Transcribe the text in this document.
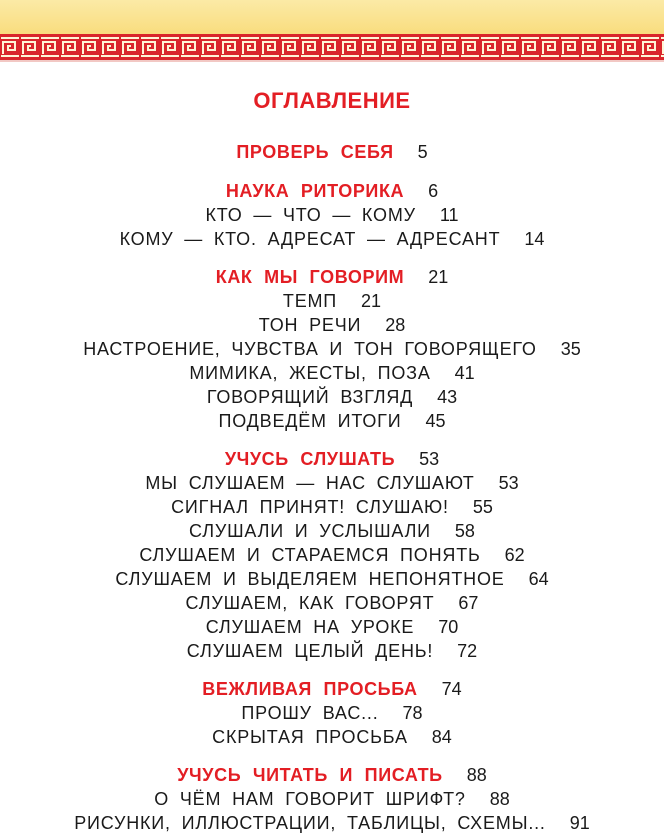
ОГЛАВЛЕНИЕ
ПРОВЕРЬ СЕБЯ 5
НАУКА РИТОРИКА 6
КТО — ЧТО — КОМУ 11
КОМУ — КТО. АДРЕСАТ — АДРЕСАНТ 14
КАК МЫ ГОВОРИМ 21
ТЕМП 21
ТОН РЕЧИ 28
НАСТРОЕНИЕ, ЧУВСТВА И ТОН ГОВОРЯЩЕГО 35
МИМИКА, ЖЕСТЫ, ПОЗА 41
ГОВОРЯЩИЙ ВЗГЛЯД 43
ПОДВЕДЁМ ИТОГИ 45
УЧУСЬ СЛУШАТЬ 53
МЫ СЛУШАЕМ — НАС СЛУШАЮТ 53
СИГНАЛ ПРИНЯТ! СЛУШАЮ! 55
СЛУШАЛИ И УСЛЫШАЛИ 58
СЛУШАЕМ И СТАРАЕМСЯ ПОНЯТЬ 62
СЛУШАЕМ И ВЫДЕЛЯЕМ НЕПОНЯТНОЕ 64
СЛУШАЕМ, КАК ГОВОРЯТ 67
СЛУШАЕМ НА УРОКЕ 70
СЛУШАЕМ ЦЕЛЫЙ ДЕНЬ! 72
ВЕЖЛИВАЯ ПРОСЬБА 74
ПРОШУ ВАС... 78
СКРЫТАЯ ПРОСЬБА 84
УЧУСЬ ЧИТАТЬ И ПИСАТЬ 88
О ЧЁМ НАМ ГОВОРИТ ШРИФТ? 88
РИСУНКИ, ИЛЛЮСТРАЦИИ, ТАБЛИЦЫ, СХЕМЫ... 91
